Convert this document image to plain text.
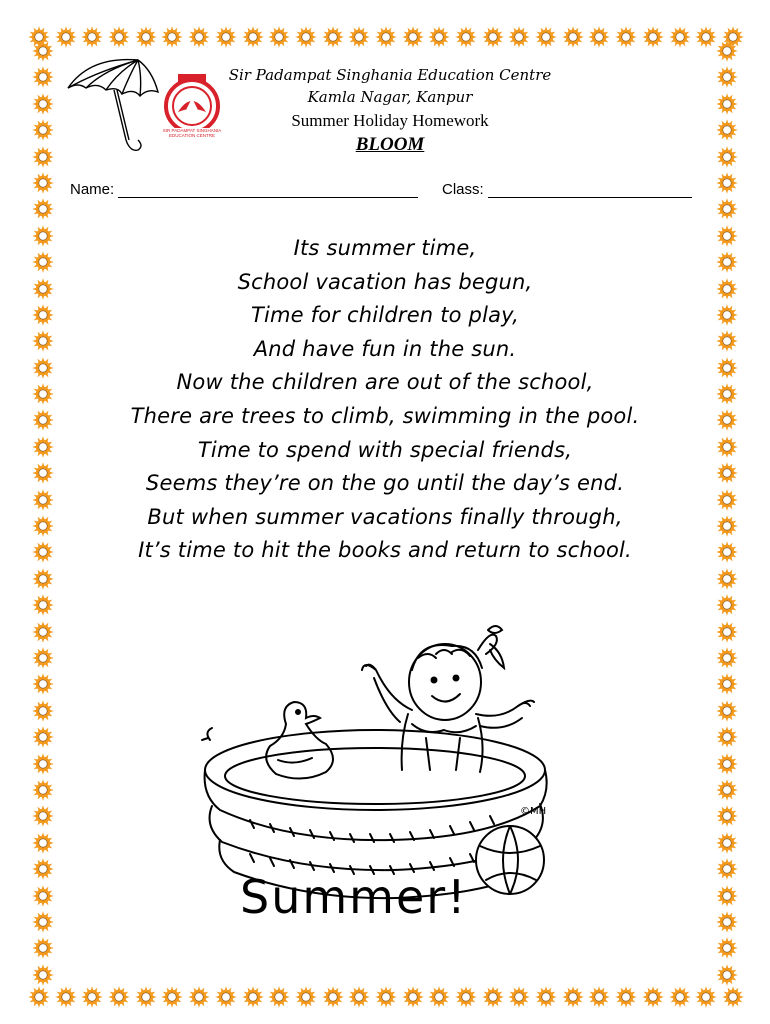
SIR PADAMPAT SINGHANIA EDUCATION CENTRE
Sir Padampat Singhania Education Centre
Kamla Nagar, Kanpur
Summer Holiday Homework
BLOOM
Name:	Class:
Its summer time,
School vacation has begun,
Time for children to play,
And have fun in the sun.
Now the children are out of the school,
There are trees to climb, swimming in the pool.
Time to spend with special friends,
Seems they’re on the go until the day’s end.
But when summer vacations finally through,
It’s time to hit the books and return to school.
©MH
Summer!
